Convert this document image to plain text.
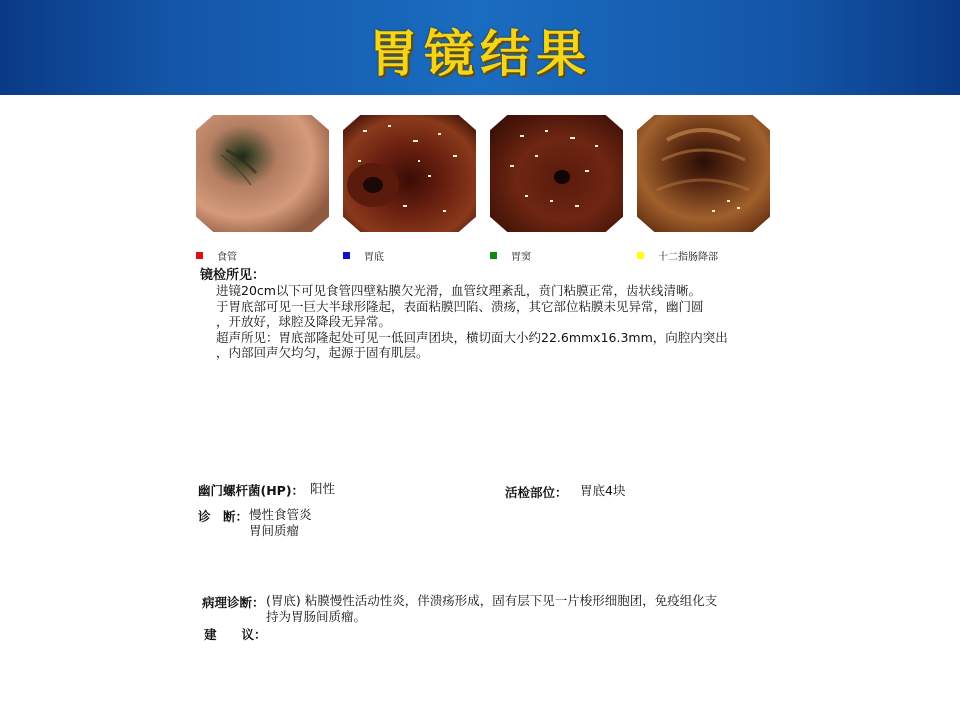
胃镜结果
食管	胃底	胃窦	十二指肠降部
镜检所见：
进镜20cm以下可见食管四壁粘膜欠光滑，血管纹理紊乱，贲门粘膜正常，齿状线清晰。
于胃底部可见一巨大半球形隆起，表面粘膜凹陷、溃疡，其它部位粘膜未见异常，幽门圆
，开放好，球腔及降段无异常。
超声所见：胃底部隆起处可见一低回声团块，横切面大小约22.6mmx16.3mm，向腔内突出
，内部回声欠均匀，起源于固有肌层。
幽门螺杆菌(HP)： 阳性	活检部位： 胃底4块
诊　断： 慢性食管炎
胃间质瘤
病理诊断： (胃底) 粘膜慢性活动性炎，伴溃疡形成，固有层下见一片梭形细胞团，免疫组化支
持为胃肠间质瘤。
建　　议：
